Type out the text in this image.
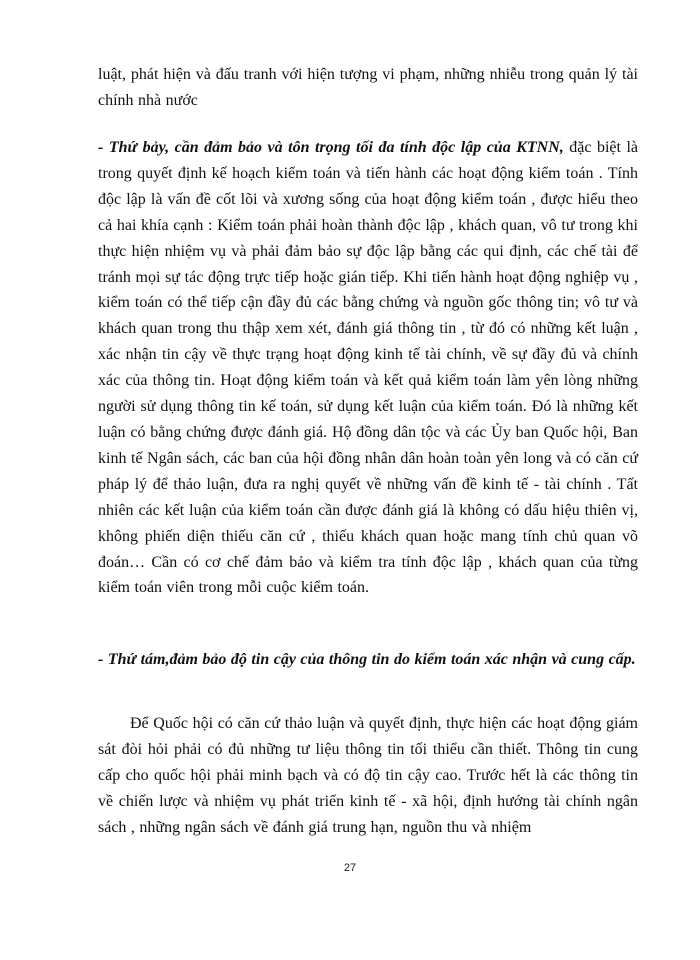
luật, phát hiện và đấu tranh với hiện tượng vi phạm, những nhiễu trong quản lý tài chính nhà nước

- Thứ bảy, cần đảm bảo và tôn trọng tối đa tính độc lập của KTNN, đặc biệt là trong quyết định kế hoạch kiểm toán và tiến hành các hoạt động kiểm toán . Tính độc lập là vấn đề cốt lõi và xương sống của hoạt động kiểm toán , được hiểu theo cả hai khía cạnh : Kiểm toán phải hoàn thành độc lập , khách quan, vô tư trong khi thực hiện nhiệm vụ và phải đảm bảo sự độc lập bằng các qui định, các chế tài để tránh mọi sự tác động trực tiếp hoặc gián tiếp. Khi tiến hành hoạt động nghiệp vụ , kiểm toán có thể tiếp cận đầy đủ các bằng chứng và nguồn gốc thông tin; vô tư và khách quan trong thu thập xem xét, đánh giá thông tin , từ đó có những kết luận , xác nhận tin cậy về thực trạng hoạt động kinh tế tài chính, về sự đầy đủ và chính xác của thông tin. Hoạt động kiểm toán và kết quả kiểm toán làm yên lòng những người sử dụng thông tin kế toán, sử dụng kết luận của kiểm toán. Đó là những kết luận có bằng chứng được đánh giá. Hộ đồng dân tộc và các Ủy ban Quốc hội, Ban kinh tế Ngân sách, các ban của hội đồng nhân dân hoàn toàn yên long và có căn cứ pháp lý để thảo luận, đưa ra nghị quyết về những vấn đề kinh tế - tài chính . Tất nhiên các kết luận của kiểm toán cần được đánh giá là không có dấu hiệu thiên vị, không phiến diện thiếu căn cứ , thiếu khách quan hoặc mang tính chủ quan võ đoán… Cần có cơ chế đảm bảo và kiểm tra tính độc lập , khách quan của từng kiểm toán viên trong mỗi cuộc kiểm toán.

- Thứ tám,đảm bảo độ tin cậy của thông tin do kiểm toán xác nhận và cung cấp.

Để Quốc hội có căn cứ thảo luận và quyết định, thực hiện các hoạt động giám sát đòi hỏi phải có đủ những tư liệu thông tin tối thiểu cần thiết. Thông tin cung cấp cho quốc hội phải minh bạch và có độ tin cậy cao. Trước hết là các thông tin về chiến lược và nhiệm vụ phát triển kinh tế - xã hội, định hướng tài chính ngân sách , những ngân sách về đánh giá trung hạn, nguồn thu và nhiệm

27
